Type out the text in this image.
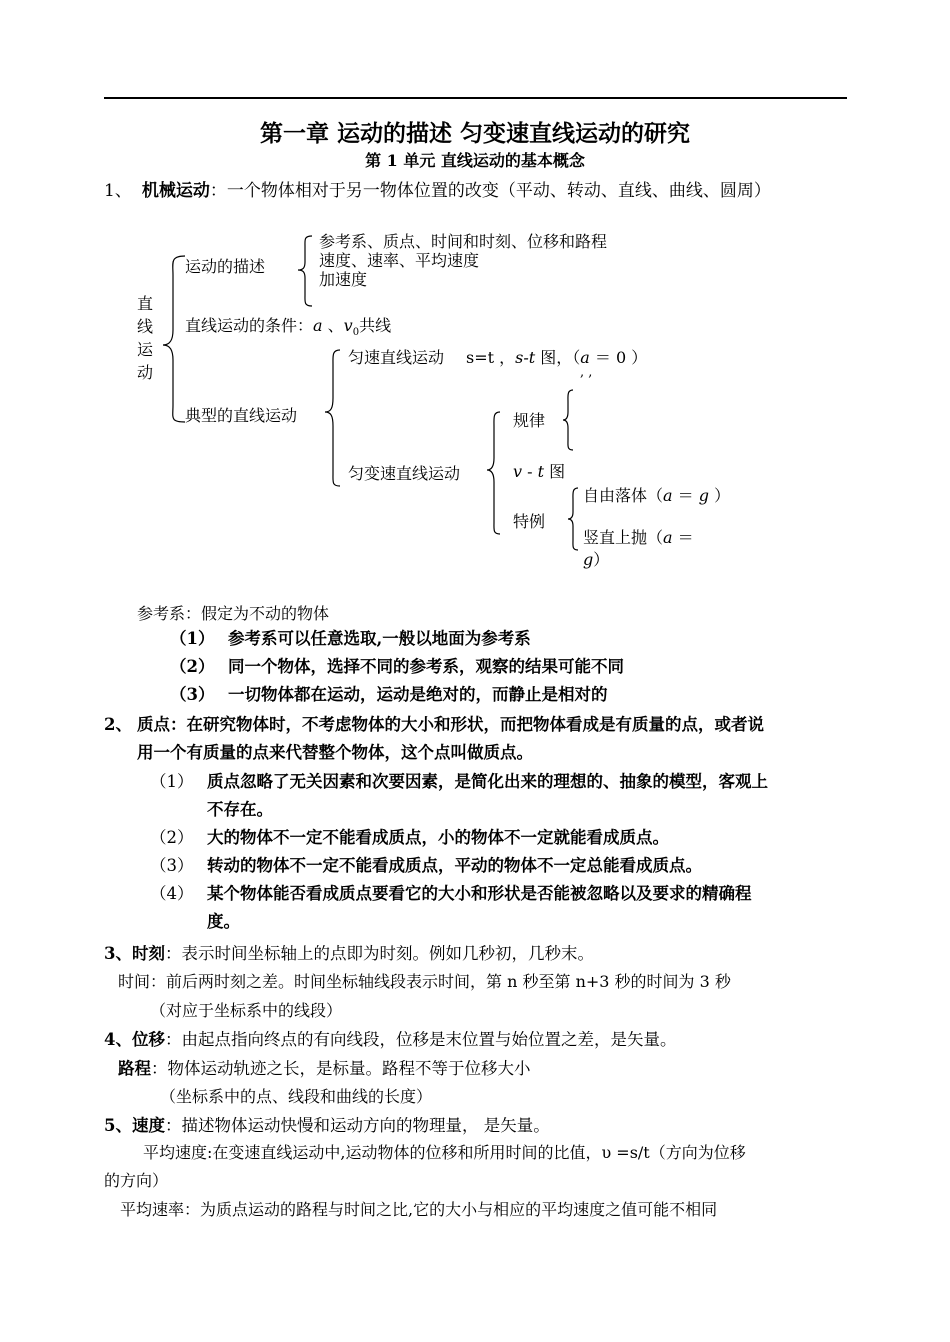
第一章 运动的描述 匀变速直线运动的研究
第 1 单元 直线运动的基本概念
1、 机械运动：一个物体相对于另一物体位置的改变（平动、转动、直线、曲线、圆周）
直
线
运
动
运动的描述
参考系、质点、时间和时刻、位移和路程
速度、速率、平均速度
加速度
直线运动的条件：a 、$v_0$共线
典型的直线运动
匀速直线运动 s=t ，s-t 图，（a ＝ 0 ）
, ,
匀变速直线运动
规律
v - t 图
特例
自由落体（a ＝ g ）
竖直上抛（a ＝
g）
参考系：假定为不动的物体
（1） 参考系可以任意选取,一般以地面为参考系
（2） 同一个物体，选择不同的参考系，观察的结果可能不同
（3） 一切物体都在运动，运动是绝对的，而静止是相对的
2、 质点：在研究物体时，不考虑物体的大小和形状，而把物体看成是有质量的点，或者说
用一个有质量的点来代替整个物体，这个点叫做质点。
（1） 质点忽略了无关因素和次要因素，是简化出来的理想的、抽象的模型，客观上
不存在。
（2） 大的物体不一定不能看成质点，小的物体不一定就能看成质点。
（3） 转动的物体不一定不能看成质点，平动的物体不一定总能看成质点。
（4） 某个物体能否看成质点要看它的大小和形状是否能被忽略以及要求的精确程
度。
3、时刻：表示时间坐标轴上的点即为时刻。例如几秒初，几秒末。
时间：前后两时刻之差。时间坐标轴线段表示时间，第 n 秒至第 n+3 秒的时间为 3 秒
（对应于坐标系中的线段）
4、位移：由起点指向终点的有向线段，位移是末位置与始位置之差，是矢量。
路程：物体运动轨迹之长，是标量。路程不等于位移大小
（坐标系中的点、线段和曲线的长度）
5、速度：描述物体运动快慢和运动方向的物理量， 是矢量。
平均速度:在变速直线运动中,运动物体的位移和所用时间的比值，υ =s/t（方向为位移
的方向）
平均速率：为质点运动的路程与时间之比,它的大小与相应的平均速度之值可能不相同
